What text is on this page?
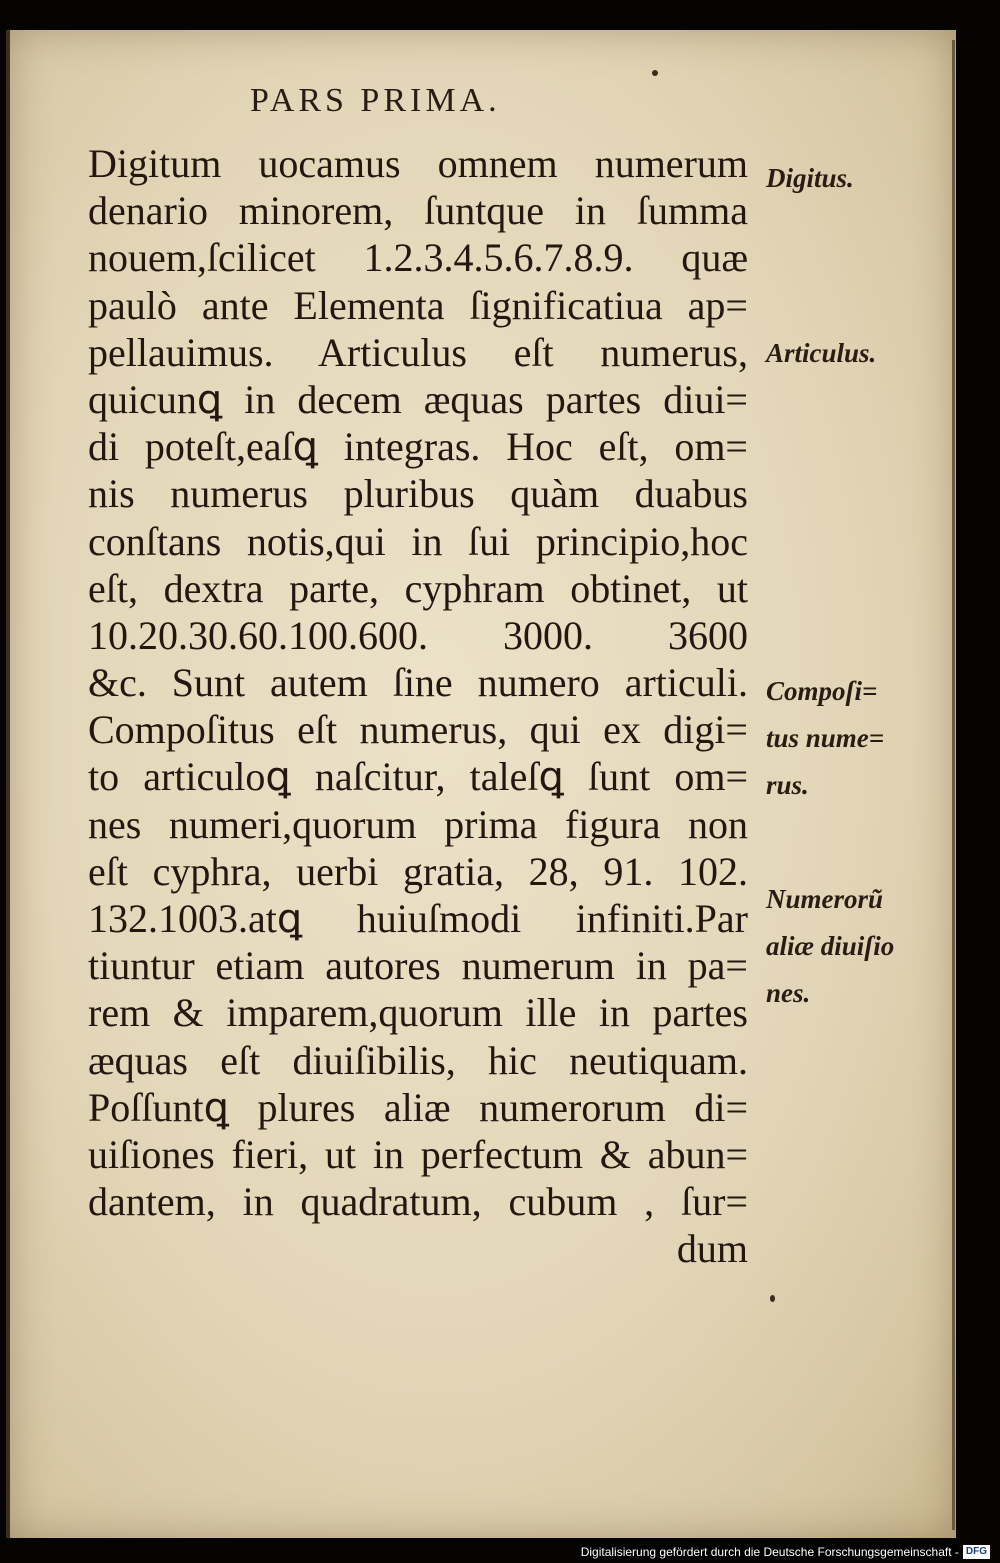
PARS PRIMA.
Digitum uocamus omnem numerum
denario minorem, ſuntque in ſumma
nouem,ſcilicet 1.2.3.4.5.6.7.8.9. quæ
paulò ante Elementa ſignificatiua ap=
pellauimus. Articulus eſt numerus,
quicunꝗ in decem æquas partes diui=
di poteſt,eaſꝗ integras. Hoc eſt, om=
nis numerus pluribus quàm duabus
conſtans notis,qui in ſui principio,hoc
eſt, dextra parte, cyphram obtinet, ut
10.20.30.60.100.600. 3000. 3600
&c. Sunt autem ſine numero articuli.
Compoſitus eſt numerus, qui ex digi=
to articuloꝗ naſcitur, taleſꝗ ſunt om=
nes numeri,quorum prima figura non
eſt cyphra, uerbi gratia, 28, 91. 102.
132.1003.atꝗ huiuſmodi infiniti.Par
tiuntur etiam autores numerum in pa=
rem & imparem,quorum ille in partes
æquas eſt diuiſibilis, hic neutiquam.
Poſſuntꝗ plures aliæ numerorum di=
uiſiones fieri, ut in perfectum & abun=
dantem, in quadratum, cubum , ſur=
dum
Digitus.
Articulus.
Compoſi=
tus nume=
rus.
Numerorũ
aliæ diuiſio
nes.
Digitalisierung gefördert durch die Deutsche Forschungsgemeinschaft - DFG
